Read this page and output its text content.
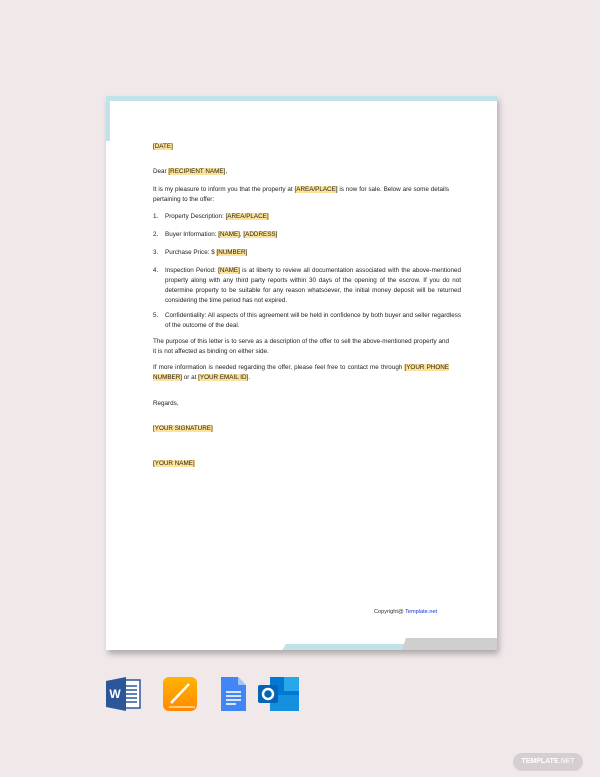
[DATE]
Dear [RECIPIENT NAME],
It is my pleasure to inform you that the property at [AREA/PLACE] is now for sale. Below are some details pertaining to the offer:
1. Property Description: [AREA/PLACE]
2. Buyer Information: [NAME], [ADDRESS]
3. Purchase Price: $ [NUMBER]
4. Inspection Period: [NAME] is at liberty to review all documentation associated with the above-mentioned property along with any third party reports within 30 days of the opening of the escrow. If you do not determine property to be suitable for any reason whatsoever, the initial money deposit will be returned considering the time period has not expired.
5. Confidentiality: All aspects of this agreement will be held in confidence by both buyer and seller regardless of the outcome of the deal.
The purpose of this letter is to serve as a description of the offer to sell the above-mentioned property and it is not affected as binding on either side.
If more information is needed regarding the offer, please feel free to contact me through [YOUR PHONE NUMBER] or at [YOUR EMAIL ID].
Regards,
[YOUR SIGNATURE]
[YOUR NAME]
Copyright@ Template.net
W
TEMPLATE.NET
